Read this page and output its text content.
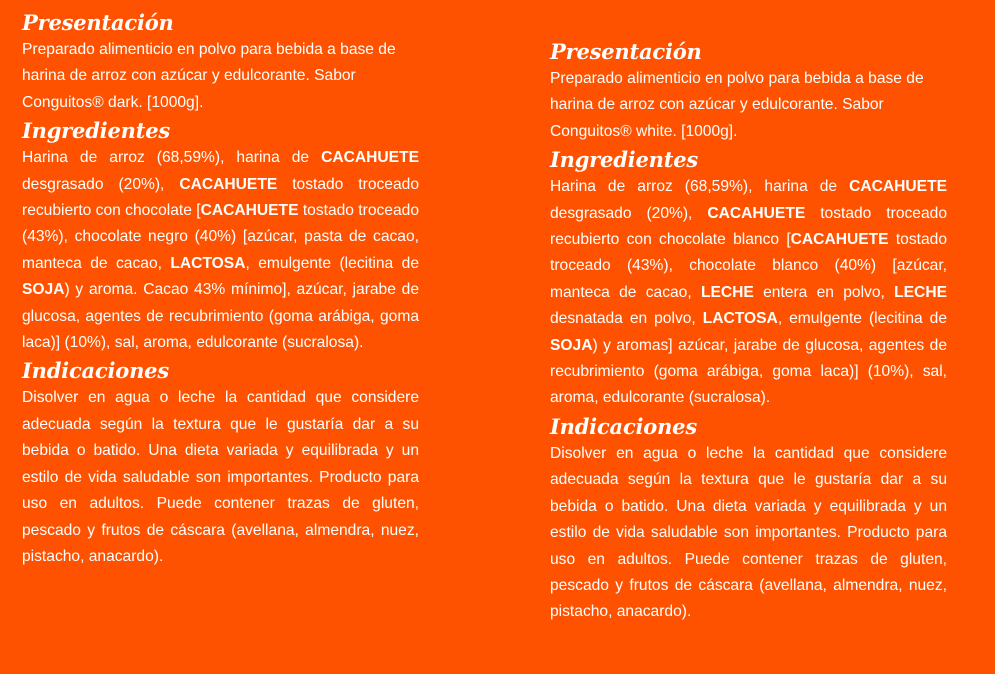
Presentación

Preparado alimenticio en polvo para bebida a base de harina de arroz con azúcar y edulcorante. Sabor Conguitos® dark. [1000g].

Ingredientes

Harina de arroz (68,59%), harina de CACAHUETE desgrasado (20%), CACAHUETE tostado troceado recubierto con chocolate [CACAHUETE tostado troceado (43%), chocolate negro (40%) [azúcar, pasta de cacao, manteca de cacao, LACTOSA, emulgente (lecitina de SOJA) y aroma. Cacao 43% mínimo], azúcar, jarabe de glucosa, agentes de recubrimiento (goma arábiga, goma laca)] (10%), sal, aroma, edulcorante (sucralosa).

Indicaciones

Disolver en agua o leche la cantidad que considere adecuada según la textura que le gustaría dar a su bebida o batido. Una dieta variada y equilibrada y un estilo de vida saludable son importantes. Producto para uso en adultos. Puede contener trazas de gluten, pescado y frutos de cáscara (avellana, almendra, nuez, pistacho, anacardo).

Presentación

Preparado alimenticio en polvo para bebida a base de harina de arroz con azúcar y edulcorante. Sabor Conguitos® white. [1000g].

Ingredientes

Harina de arroz (68,59%), harina de CACAHUETE desgrasado (20%), CACAHUETE tostado troceado recubierto con chocolate blanco [CACAHUETE tostado troceado (43%), chocolate blanco (40%) [azúcar, manteca de cacao, LECHE entera en polvo, LECHE desnatada en polvo, LACTOSA, emulgente (lecitina de SOJA) y aromas] azúcar, jarabe de glucosa, agentes de recubrimiento (goma arábiga, goma laca)] (10%), sal, aroma, edulcorante (sucralosa).

Indicaciones

Disolver en agua o leche la cantidad que considere adecuada según la textura que le gustaría dar a su bebida o batido. Una dieta variada y equilibrada y un estilo de vida saludable son importantes. Producto para uso en adultos. Puede contener trazas de gluten, pescado y frutos de cáscara (avellana, almendra, nuez, pistacho, anacardo).
